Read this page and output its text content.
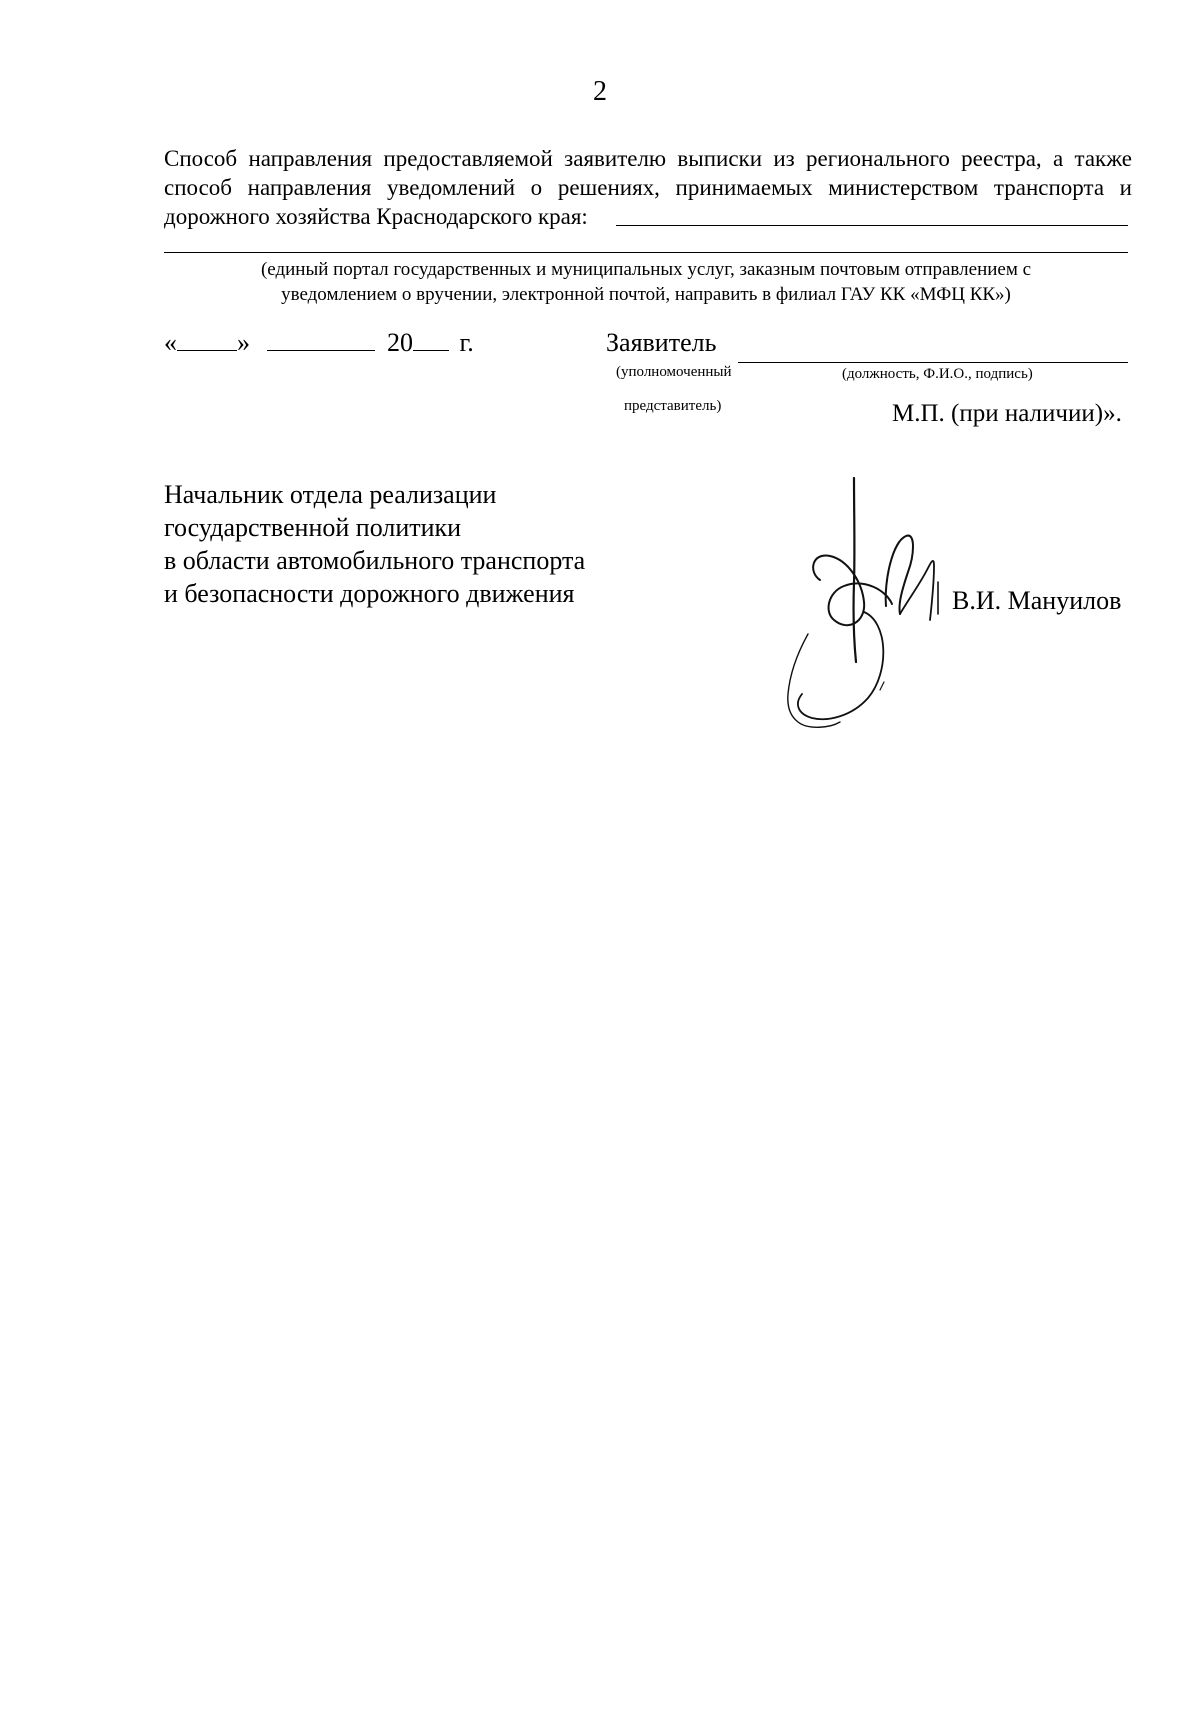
2
Способ направления предоставляемой заявителю выписки из регионального реестра, а также
способ направления уведомлений о решениях, принимаемых министерством транспорта и
дорожного хозяйства Краснодарского края:
(единый портал государственных и муниципальных услуг, заказным почтовым отправлением с
уведомлением о вручении, электронной почтой, направить в филиал ГАУ КК «МФЦ КК»)
« »	20 г.	Заявитель
(уполномоченный
представитель)
(должность, Ф.И.О., подпись)
М.П. (при наличии)».
Начальник отдела реализации
государственной политики
в области автомобильного транспорта
и безопасности дорожного движения	В.И. Мануилов
